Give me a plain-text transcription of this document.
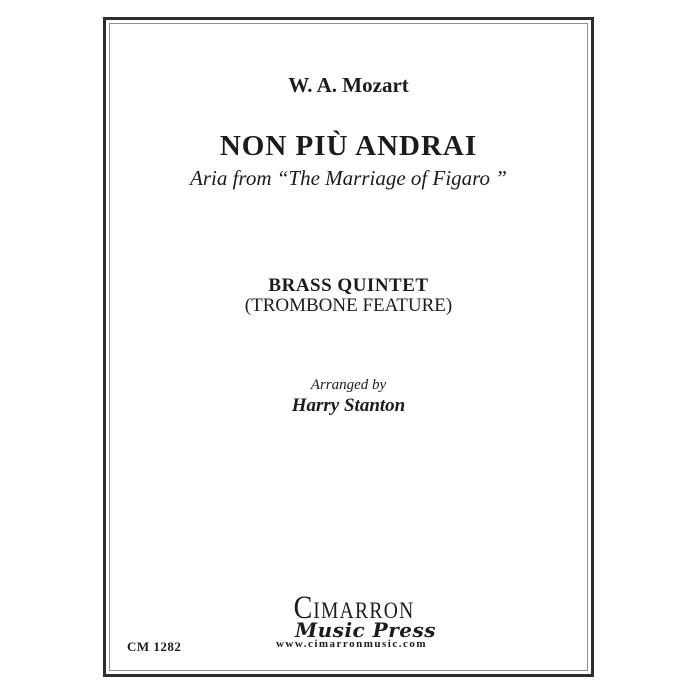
W. A. Mozart
NON PIÙ ANDRAI
Aria from “The Marriage of Figaro ”
BRASS QUINTET
(TROMBONE FEATURE)
Arranged by
Harry Stanton
CIMARRON
Music Press
www.cimarronmusic.com
CM 1282
